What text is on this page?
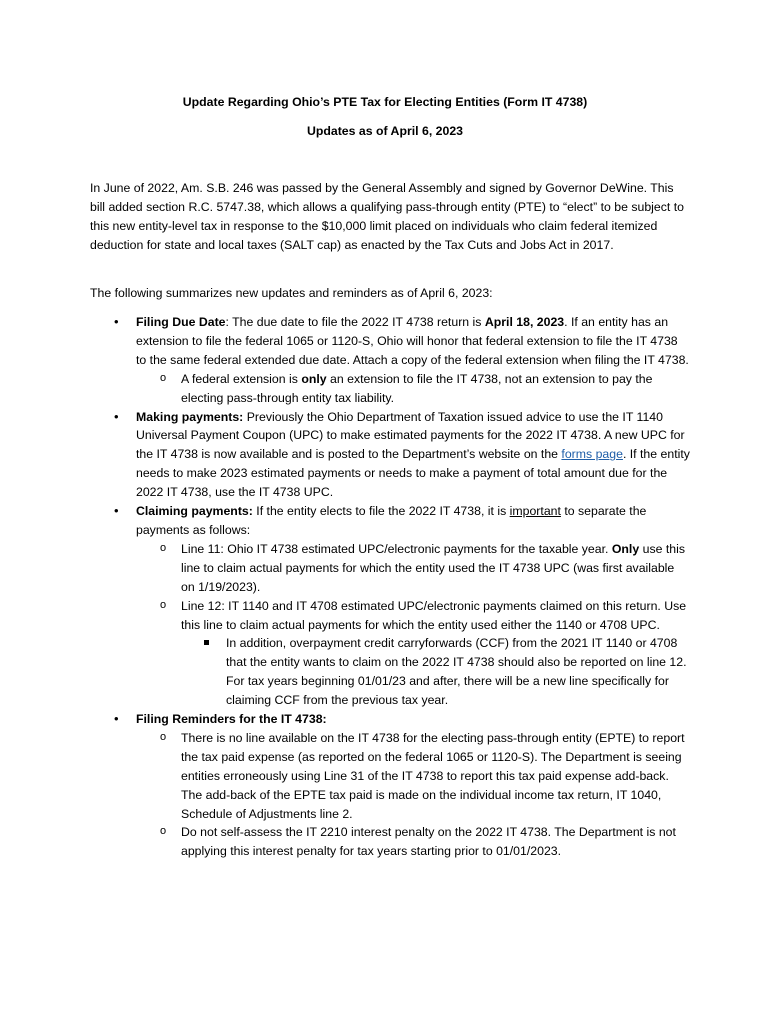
Update Regarding Ohio’s PTE Tax for Electing Entities (Form IT 4738)

Updates as of April 6, 2023

In June of 2022, Am. S.B. 246 was passed by the General Assembly and signed by Governor DeWine. This bill added section R.C. 5747.38, which allows a qualifying pass-through entity (PTE) to “elect” to be subject to this new entity-level tax in response to the $10,000 limit placed on individuals who claim federal itemized deduction for state and local taxes (SALT cap) as enacted by the Tax Cuts and Jobs Act in 2017.

The following summarizes new updates and reminders as of April 6, 2023:

• Filing Due Date: The due date to file the 2022 IT 4738 return is April 18, 2023. If an entity has an extension to file the federal 1065 or 1120-S, Ohio will honor that federal extension to file the IT 4738 to the same federal extended due date. Attach a copy of the federal extension when filing the IT 4738.
o A federal extension is only an extension to file the IT 4738, not an extension to pay the electing pass-through entity tax liability.
• Making payments: Previously the Ohio Department of Taxation issued advice to use the IT 1140 Universal Payment Coupon (UPC) to make estimated payments for the 2022 IT 4738. A new UPC for the IT 4738 is now available and is posted to the Department’s website on the forms page. If the entity needs to make 2023 estimated payments or needs to make a payment of total amount due for the 2022 IT 4738, use the IT 4738 UPC.
• Claiming payments: If the entity elects to file the 2022 IT 4738, it is important to separate the payments as follows:
o Line 11: Ohio IT 4738 estimated UPC/electronic payments for the taxable year. Only use this line to claim actual payments for which the entity used the IT 4738 UPC (was first available on 1/19/2023).
o Line 12: IT 1140 and IT 4708 estimated UPC/electronic payments claimed on this return. Use this line to claim actual payments for which the entity used either the 1140 or 4708 UPC.
In addition, overpayment credit carryforwards (CCF) from the 2021 IT 1140 or 4708 that the entity wants to claim on the 2022 IT 4738 should also be reported on line 12. For tax years beginning 01/01/23 and after, there will be a new line specifically for claiming CCF from the previous tax year.
• Filing Reminders for the IT 4738:
o There is no line available on the IT 4738 for the electing pass-through entity (EPTE) to report the tax paid expense (as reported on the federal 1065 or 1120-S). The Department is seeing entities erroneously using Line 31 of the IT 4738 to report this tax paid expense add-back. The add-back of the EPTE tax paid is made on the individual income tax return, IT 1040, Schedule of Adjustments line 2.
o Do not self-assess the IT 2210 interest penalty on the 2022 IT 4738. The Department is not applying this interest penalty for tax years starting prior to 01/01/2023.
